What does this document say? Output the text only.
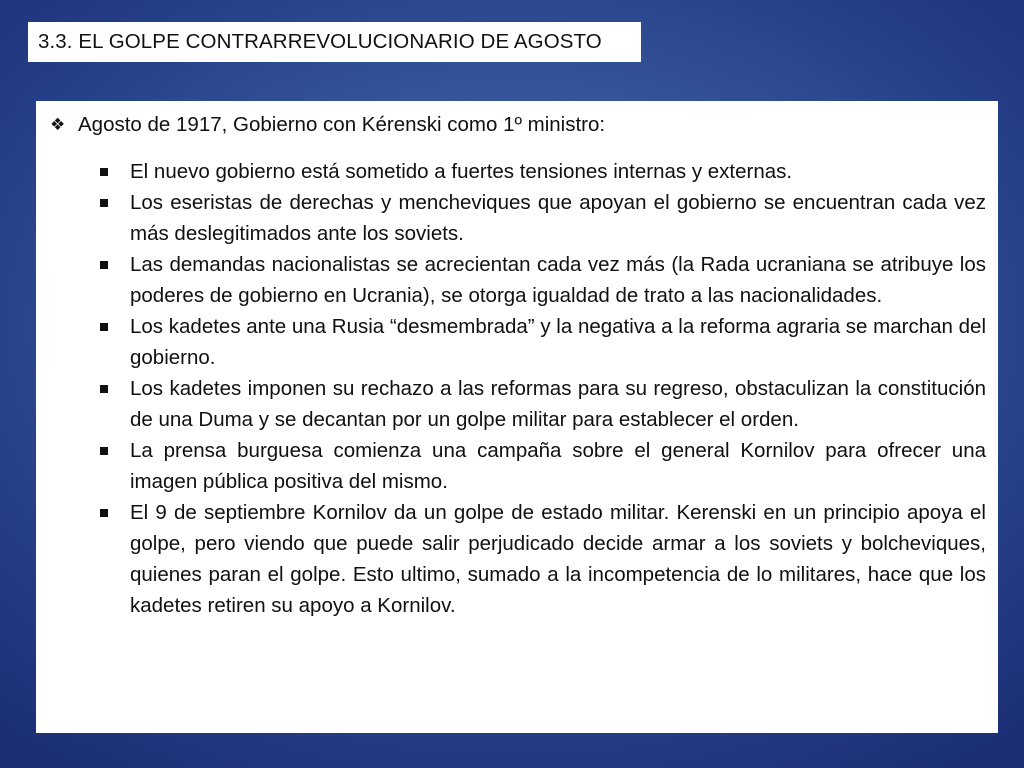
3.3. EL GOLPE CONTRARREVOLUCIONARIO DE AGOSTO
❖ Agosto de 1917, Gobierno con Kérenski como 1º ministro:
El nuevo gobierno está sometido a fuertes tensiones internas y externas.
Los eseristas de derechas y mencheviques que apoyan el gobierno se encuentran cada vez más deslegitimados ante los soviets.
Las demandas nacionalistas se acrecientan cada vez más (la Rada ucraniana se atribuye los poderes de gobierno en Ucrania), se otorga igualdad de trato a las nacionalidades.
Los kadetes ante una Rusia “desmembrada” y la negativa a la reforma agraria se marchan del gobierno.
Los kadetes imponen su rechazo a las reformas para su regreso, obstaculizan la constitución de una Duma y se decantan por un golpe militar para establecer el orden.
La prensa burguesa comienza una campaña sobre el general Kornilov para ofrecer una imagen pública positiva del mismo.
El 9 de septiembre Kornilov da un golpe de estado militar. Kerenski en un principio apoya el golpe, pero viendo que puede salir perjudicado decide armar a los soviets y bolcheviques, quienes paran el golpe. Esto ultimo, sumado a la incompetencia de lo militares, hace que los kadetes retiren su apoyo a Kornilov.
